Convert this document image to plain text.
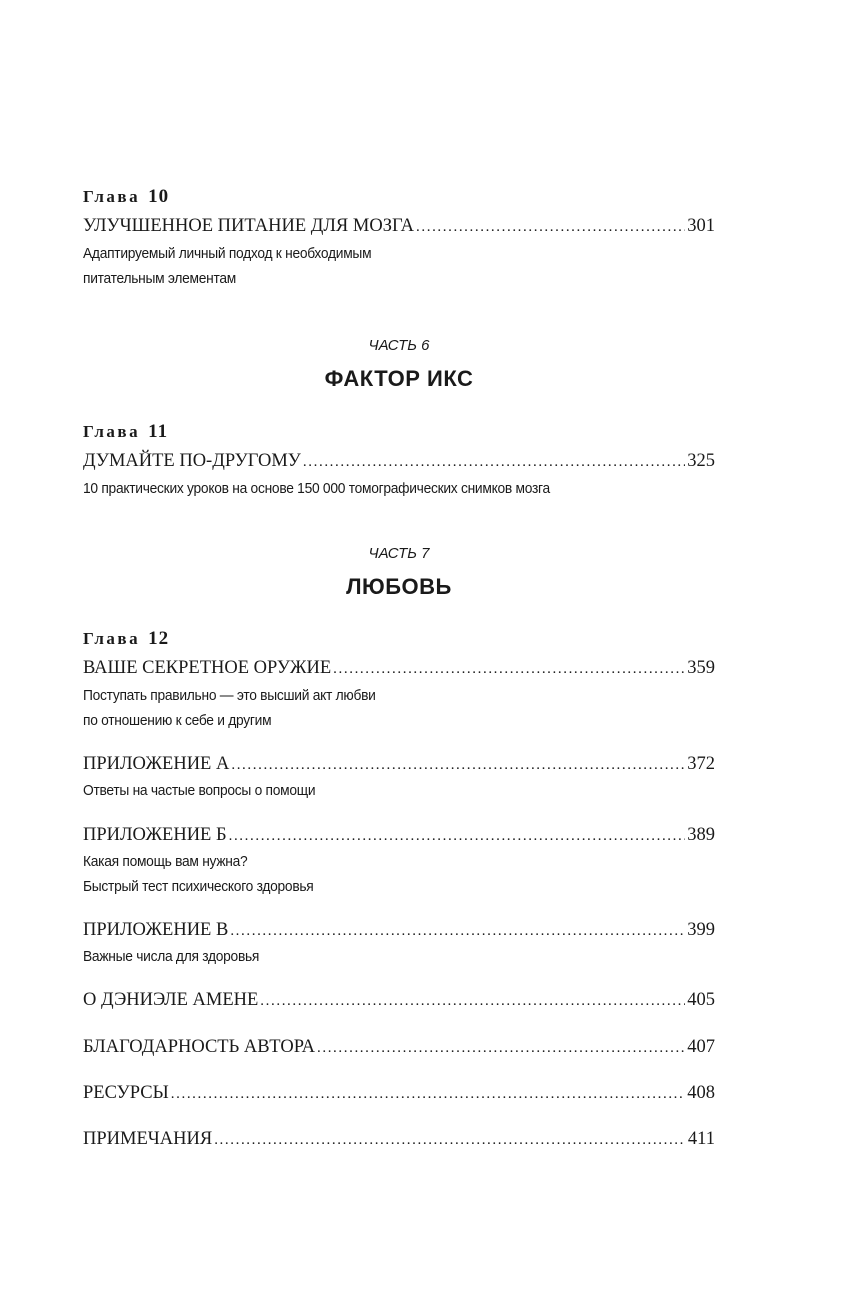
Глава 10
УЛУЧШЕННОЕ ПИТАНИЕ ДЛЯ МОЗГА .....	301
Адаптируемый личный подход к необходимым
питательным элементам
ЧАСТЬ 6
ФАКТОР ИКС
Глава 11
ДУМАЙТЕ ПО-ДРУГОМУ .....	325
10 практических уроков на основе 150 000 томографических снимков мозга
ЧАСТЬ 7
ЛЮБОВЬ
Глава 12
ВАШЕ СЕКРЕТНОЕ ОРУЖИЕ .....	359
Поступать правильно — это высший акт любви
по отношению к себе и другим
ПРИЛОЖЕНИЕ А .....	372
Ответы на частые вопросы о помощи
ПРИЛОЖЕНИЕ Б .....	389
Какая помощь вам нужна?
Быстрый тест психического здоровья
ПРИЛОЖЕНИЕ В .....	399
Важные числа для здоровья
О ДЭНИЭЛЕ АМЕНЕ .....	405
БЛАГОДАРНОСТЬ АВТОРА .....	407
РЕСУРСЫ .....	408
ПРИМЕЧАНИЯ .....	411
